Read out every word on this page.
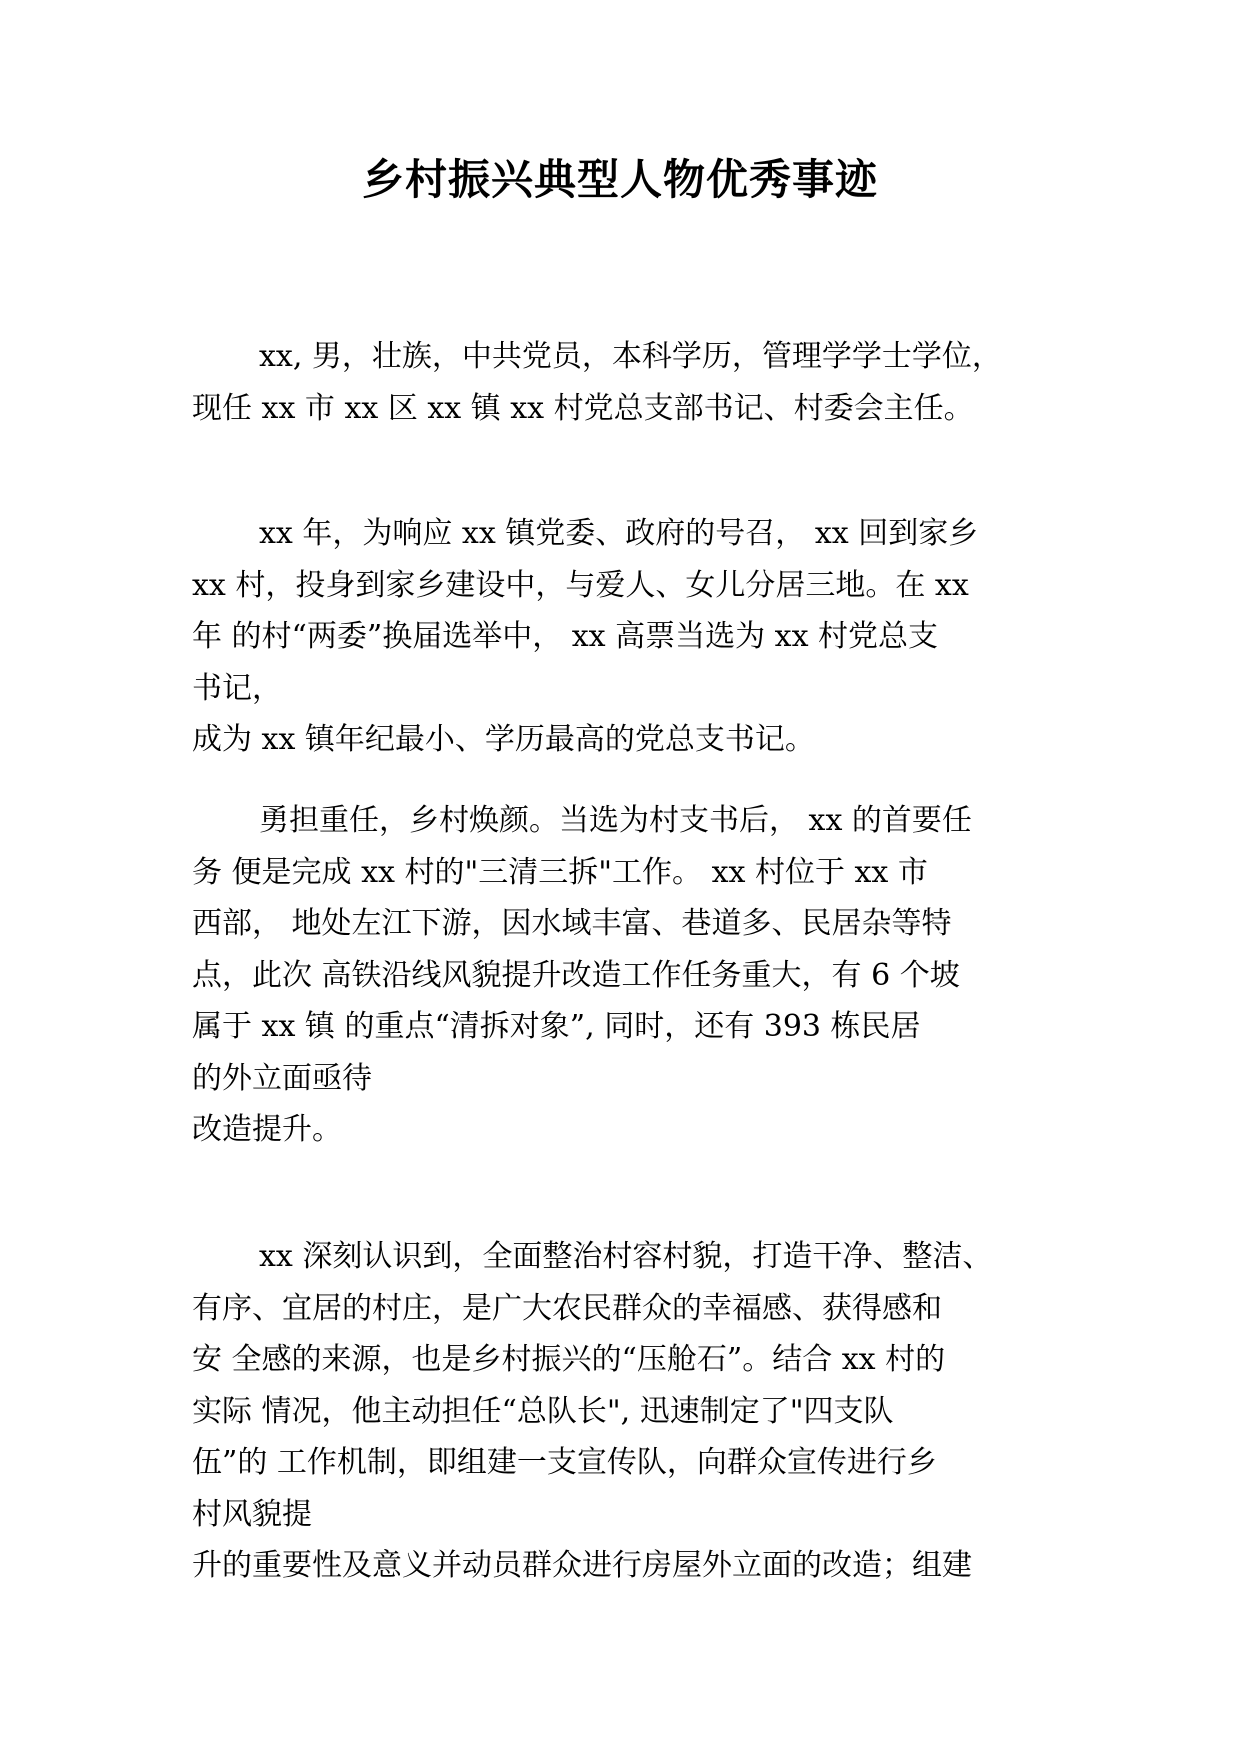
乡村振兴典型人物优秀事迹
xx, 男，壮族，中共党员，本科学历，管理学学士学位，
现任 xx 市 xx 区 xx 镇 xx 村党总支部书记、村委会主任。
xx 年，为响应 xx 镇党委、政府的号召， xx 回到家乡
xx 村，投身到家乡建设中，与爱人、女儿分居三地。在 xx
年 的村“两委”换届选举中， xx 高票当选为 xx 村党总支
书记，
成为 xx 镇年纪最小、学历最高的党总支书记。
勇担重任，乡村焕颜。当选为村支书后， xx 的首要任
务 便是完成 xx 村的"三清三拆"工作。 xx 村位于 xx 市
西部， 地处左江下游，因水域丰富、巷道多、民居杂等特
点，此次 高铁沿线风貌提升改造工作任务重大，有 6 个坡
属于 xx 镇 的重点“清拆对象”, 同时，还有 393 栋民居
的外立面亟待
改造提升。
xx 深刻认识到，全面整治村容村貌，打造干净、整洁、
有序、宜居的村庄，是广大农民群众的幸福感、获得感和
安 全感的来源，也是乡村振兴的“压舱石”。结合 xx 村的
实际 情况，他主动担任“总队长", 迅速制定了"四支队
伍”的 工作机制，即组建一支宣传队，向群众宣传进行乡
村风貌提
升的重要性及意义并动员群众进行房屋外立面的改造；组建
